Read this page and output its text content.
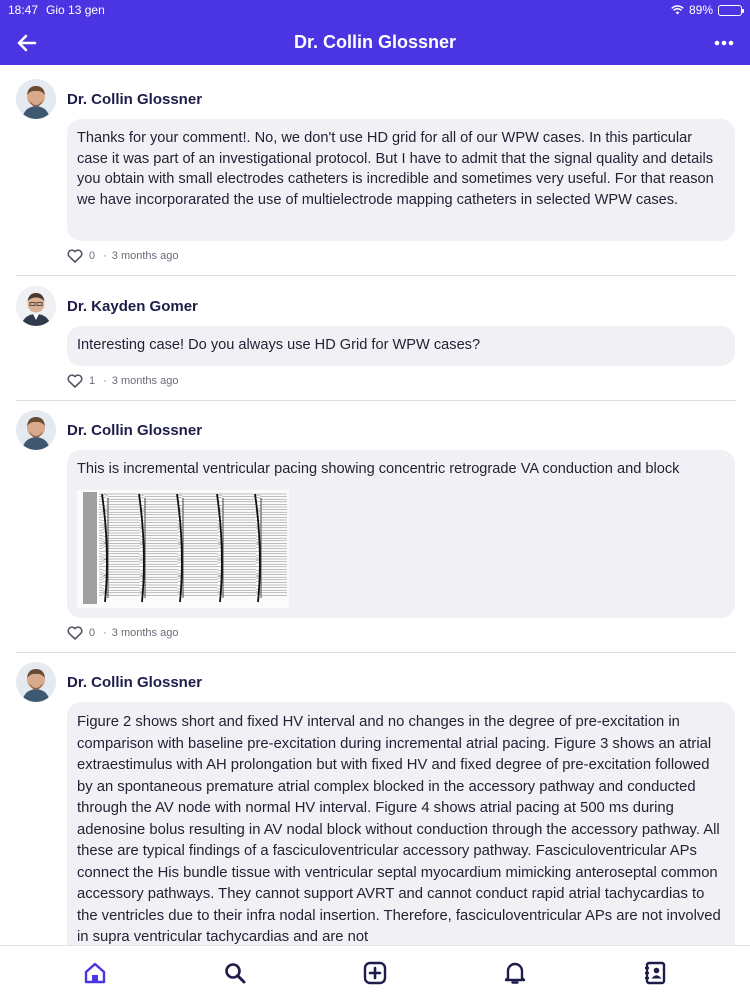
18:47 Gio 13 gen	89%
Dr. Collin Glossner
Dr. Collin Glossner
Thanks for your comment!. No, we don't use HD grid for all of our WPW cases. In this particular case it was part of an investigational protocol. But I have to admit that the signal quality and details you obtain with small electrodes catheters is incredible and sometimes very useful. For that reason we have incorporarated the use of multielectrode mapping catheters in selected WPW cases.
0 · 3 months ago
Dr. Kayden Gomer
Interesting case! Do you always use HD Grid for WPW cases?
1 · 3 months ago
Dr. Collin Glossner
This is incremental ventricular pacing showing concentric retrograde VA conduction and block
0 · 3 months ago
Dr. Collin Glossner
Figure 2 shows short and fixed HV interval and no changes in the degree of pre-excitation in comparison with baseline pre-excitation during incremental atrial pacing. Figure 3 shows an atrial extraestimulus with AH prolongation but with fixed HV and fixed degree of pre-excitation followed by an spontaneous premature atrial complex blocked in the accessory pathway and conducted through the AV node with normal HV interval. Figure 4 shows atrial pacing at 500 ms during adenosine bolus resulting in AV nodal block without conduction through the accessory pathway. All these are typical findings of a fasciculoventricular accessory pathway. Fasciculoventricular APs connect the His bundle tissue with ventricular septal myocardium mimicking anteroseptal common accessory pathways. They cannot support AVRT and cannot conduct rapid atrial tachycardias to the ventricles due to their infra nodal insertion. Therefore, fasciculoventricular APs are not involved in supra ventricular tachycardias and are not
